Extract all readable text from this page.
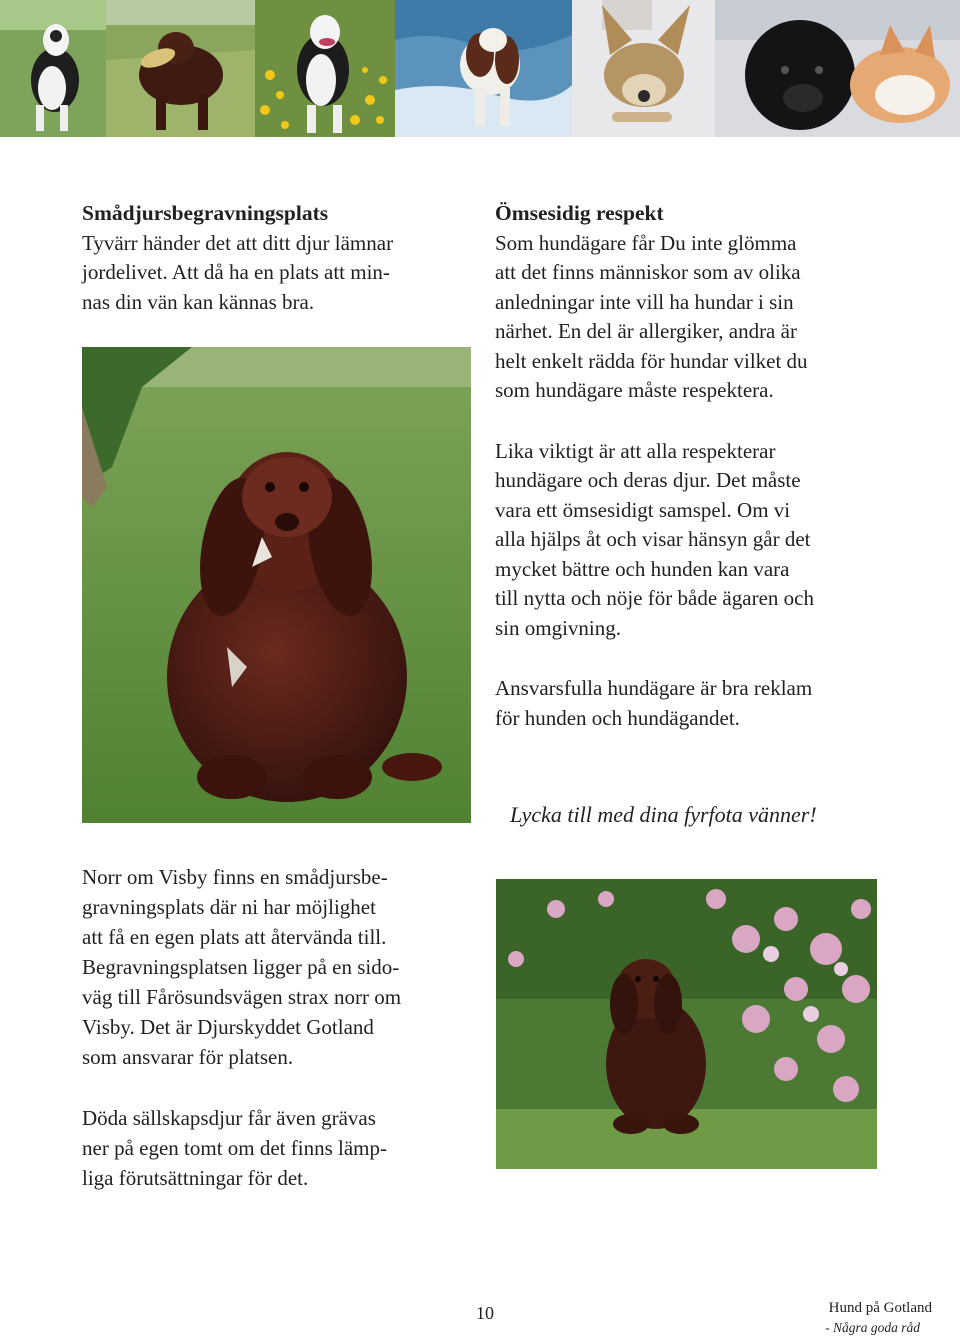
Smådjursbegravningsplats

Tyvärr händer det att ditt djur lämnar
jordelivet. Att då ha en plats att min-
nas din vän kan kännas bra.

Ömsesidig respekt

Som hundägare får Du inte glömma
att det finns människor som av olika
anledningar inte vill ha hundar i sin
närhet. En del är allergiker, andra är
helt enkelt rädda för hundar vilket du
som hundägare måste respektera.
Lika viktigt är att alla respekterar
hundägare och deras djur. Det måste
vara ett ömsesidigt samspel. Om vi
alla hjälps åt och visar hänsyn går det
mycket bättre och hunden kan vara
till nytta och nöje för både ägaren och
sin omgivning.
Ansvarsfulla hundägare är bra reklam
för hunden och hundägandet.
Lycka till med dina fyrfota vänner!
Norr om Visby finns en smådjursbe-
gravningsplats där ni har möjlighet
att få en egen plats att återvända till.
Begravningsplatsen ligger på en sido-
väg till Fårösundsvägen strax norr om
Visby. Det är Djurskyddet Gotland
som ansvarar för platsen.
Döda sällskapsdjur får även grävas
ner på egen tomt om det finns lämp-
liga förutsättningar för det.
10	Hund på Gotland
- Några goda råd
